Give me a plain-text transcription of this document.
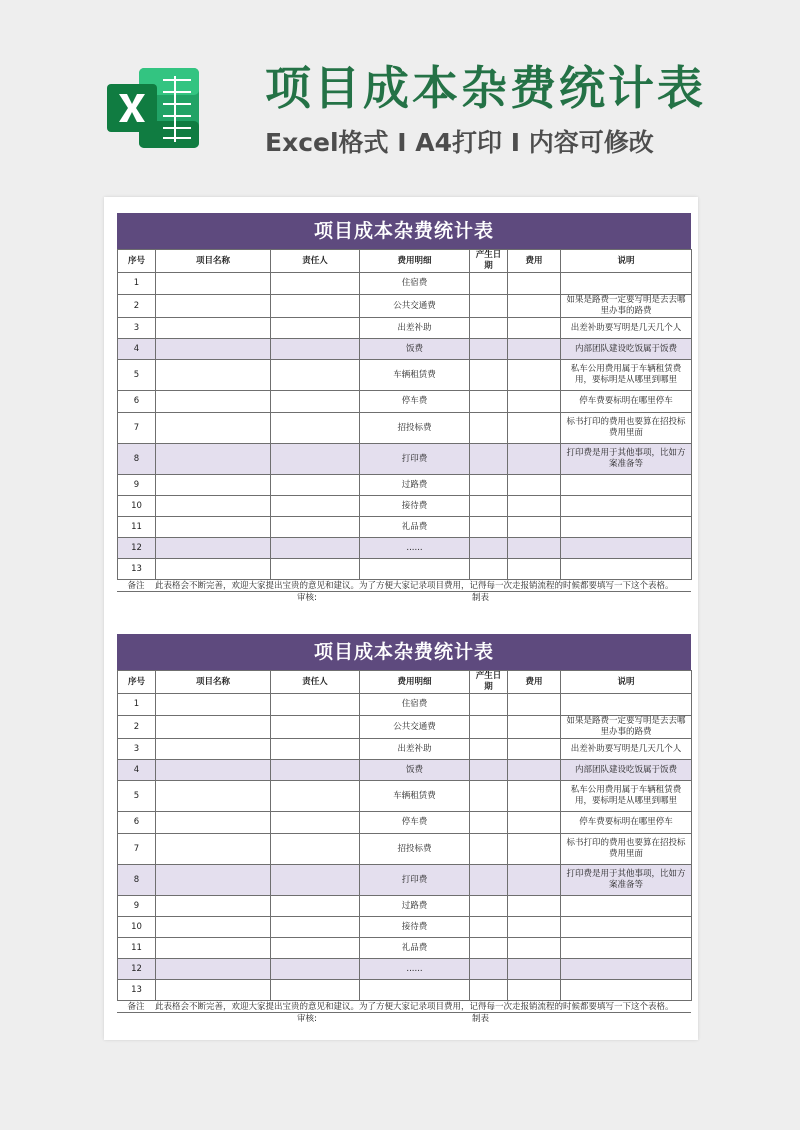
项目成本杂费统计表
Excel格式 I A4打印 I 内容可修改
项目成本杂费统计表
序号	项目名称	责任人	费用明细	产生日期	费用	说明
1			住宿费			
2			公共交通费			如果是路费一定要写明是去去哪里办事的路费
3			出差补助			出差补助要写明是几天几个人
4			饭费			内部团队建设吃饭属于饭费
5			车辆租赁费			私车公用费用属于车辆租赁费用，要标明是从哪里到哪里
6			停车费			停车费要标明在哪里停车
7			招投标费			标书打印的费用也要算在招投标费用里面
8			打印费			打印费是用于其他事项，比如方案准备等
9			过路费			
10			接待费			
11			礼品费			
12			......			
13						
备注 此表格会不断完善，欢迎大家提出宝贵的意见和建议。为了方便大家记录项目费用，记得每一次走报销流程的时候都要填写一下这个表格。
审核:	制表
项目成本杂费统计表
序号	项目名称	责任人	费用明细	产生日期	费用	说明
1			住宿费			
2			公共交通费			如果是路费一定要写明是去去哪里办事的路费
3			出差补助			出差补助要写明是几天几个人
4			饭费			内部团队建设吃饭属于饭费
5			车辆租赁费			私车公用费用属于车辆租赁费用，要标明是从哪里到哪里
6			停车费			停车费要标明在哪里停车
7			招投标费			标书打印的费用也要算在招投标费用里面
8			打印费			打印费是用于其他事项，比如方案准备等
9			过路费			
10			接待费			
11			礼品费			
12			......			
13						
备注 此表格会不断完善，欢迎大家提出宝贵的意见和建议。为了方便大家记录项目费用，记得每一次走报销流程的时候都要填写一下这个表格。
审核:	制表
